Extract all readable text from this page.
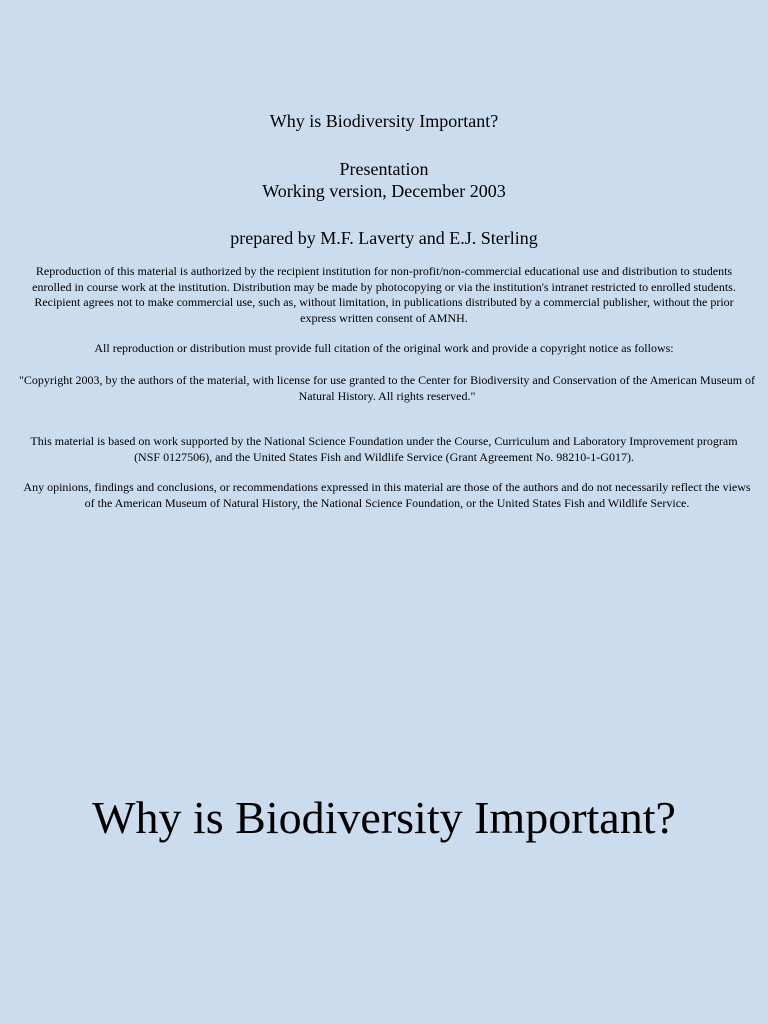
Why is Biodiversity Important?
Presentation
Working version, December 2003
prepared by M.F. Laverty and E.J. Sterling
Reproduction of this material is authorized by the recipient institution for non-profit/non-commercial educational use and distribution to students enrolled in course work at the institution. Distribution may be made by photocopying or via the institution's intranet restricted to enrolled students. Recipient agrees not to make commercial use, such as, without limitation, in publications distributed by a commercial publisher, without the prior express written consent of AMNH.
All reproduction or distribution must provide full citation of the original work and provide a copyright notice as follows:
"Copyright 2003, by the authors of the material, with license for use granted to the Center for Biodiversity and Conservation of the American Museum of Natural History. All rights reserved."
This material is based on work supported by the National Science Foundation under the Course, Curriculum and Laboratory Improvement program (NSF 0127506), and the United States Fish and Wildlife Service (Grant Agreement No. 98210-1-G017).
Any opinions, findings and conclusions, or recommendations expressed in this material are those of the authors and do not necessarily reflect the views of the American Museum of Natural History, the National Science Foundation, or the United States Fish and Wildlife Service.
Why is Biodiversity Important?
